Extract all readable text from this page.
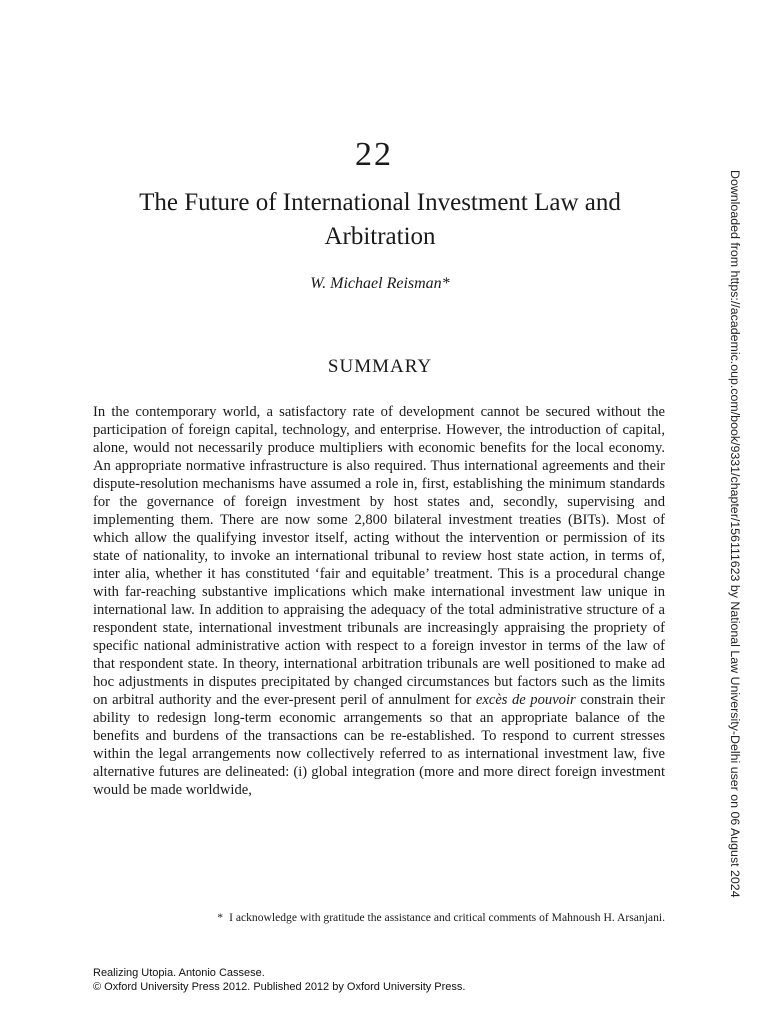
22
The Future of International Investment Law and Arbitration
W. Michael Reisman*
SUMMARY

In the contemporary world, a satisfactory rate of development cannot be secured without the participation of foreign capital, technology, and enterprise. However, the introduction of capital, alone, would not necessarily produce multipliers with economic benefits for the local economy. An appropriate normative infrastructure is also required. Thus international agreements and their dispute-resolution mechanisms have assumed a role in, first, establishing the minimum standards for the governance of foreign investment by host states and, secondly, supervising and implementing them. There are now some 2,800 bilateral investment treaties (BITs). Most of which allow the qualifying investor itself, acting without the intervention or permission of its state of nationality, to invoke an international tribunal to review host state action, in terms of, inter alia, whether it has constituted ‘fair and equitable’ treatment. This is a procedural change with far-reaching substantive implications which make international investment law unique in international law. In addition to appraising the adequacy of the total administrative structure of a respondent state, international investment tribunals are increasingly appraising the propriety of specific national administrative action with respect to a foreign investor in terms of the law of that respondent state. In theory, international arbitration tribunals are well positioned to make ad hoc adjustments in disputes precipitated by changed circumstances but factors such as the limits on arbitral authority and the ever-present peril of annulment for excès de pouvoir constrain their ability to redesign long-term economic arrangements so that an appropriate balance of the benefits and burdens of the transactions can be re-established. To respond to current stresses within the legal arrangements now collectively referred to as international investment law, five alternative futures are delineated: (i) global integration (more and more direct foreign investment would be made worldwide,

* I acknowledge with gratitude the assistance and critical comments of Mahnoush H. Arsanjani.
Realizing Utopia. Antonio Cassese.
© Oxford University Press 2012. Published 2012 by Oxford University Press.
Downloaded from https://academic.oup.com/book/9331/chapter/156111623 by National Law University-Delhi user on 06 August 2024
